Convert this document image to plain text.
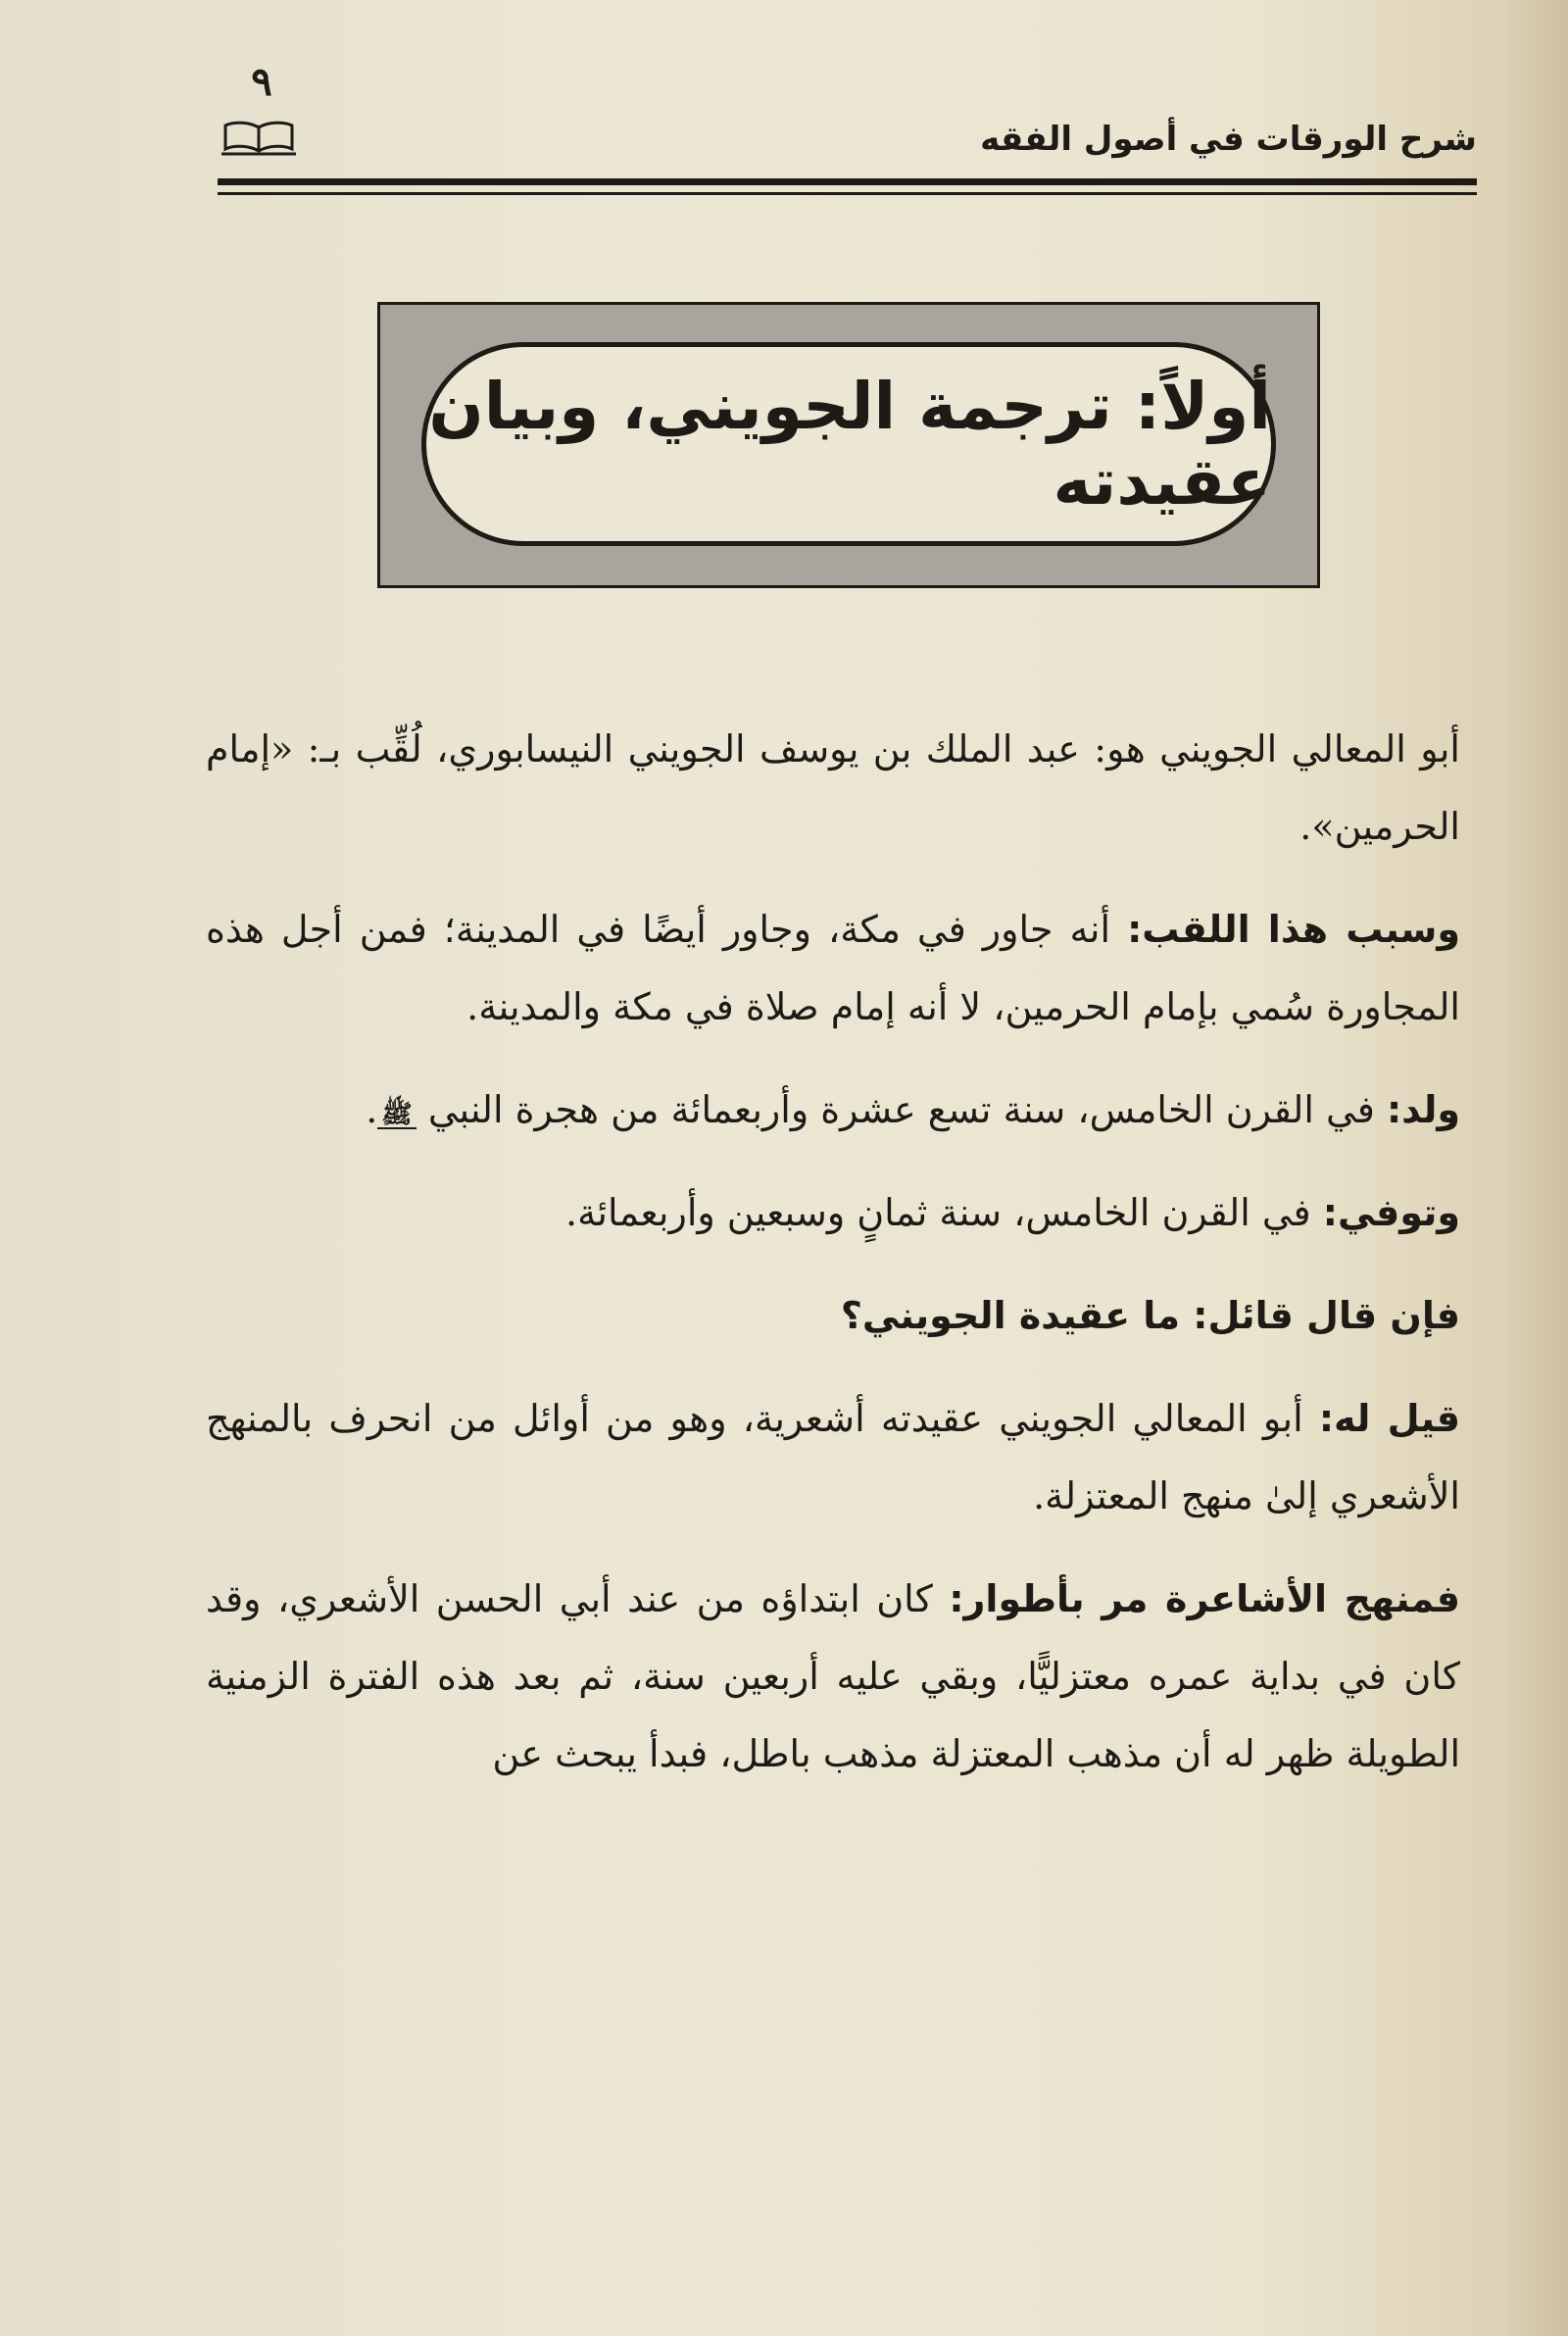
٩
شرح الورقات في أصول الفقه
أولاً: ترجمة الجويني، وبيان عقيدته

أبو المعالي الجويني هو: عبد الملك بن يوسف الجويني النيسابوري، لُقِّب بـ: «إمام الحرمين».

وسبب هذا اللقب: أنه جاور في مكة، وجاور أيضًا في المدينة؛ فمن أجل هذه المجاورة سُمي بإمام الحرمين، لا أنه إمام صلاة في مكة والمدينة.

ولد: في القرن الخامس، سنة تسع عشرة وأربعمائة من هجرة النبي ﷺ.

وتوفي: في القرن الخامس، سنة ثمانٍ وسبعين وأربعمائة.

فإن قال قائل: ما عقيدة الجويني؟

قيل له: أبو المعالي الجويني عقيدته أشعرية، وهو من أوائل من انحرف بالمنهج الأشعري إلىٰ منهج المعتزلة.

فمنهج الأشاعرة مر بأطوار: كان ابتداؤه من عند أبي الحسن الأشعري، وقد كان في بداية عمره معتزليًّا، وبقي عليه أربعين سنة، ثم بعد هذه الفترة الزمنية الطويلة ظهر له أن مذهب المعتزلة مذهب باطل، فبدأ يبحث عن
